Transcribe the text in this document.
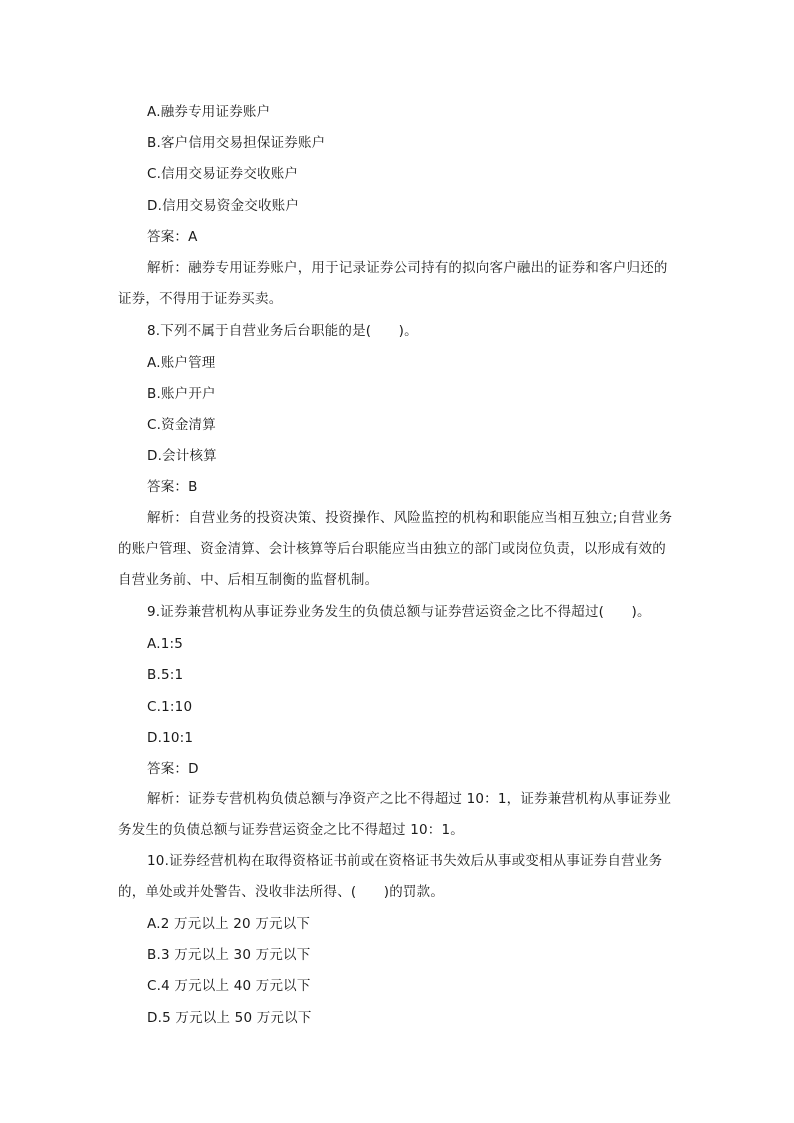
A.融券专用证券账户
B.客户信用交易担保证券账户
C.信用交易证券交收账户
D.信用交易资金交收账户
答案：A
解析：融券专用证券账户，用于记录证券公司持有的拟向客户融出的证券和客户归还的证券，不得用于证券买卖。
8.下列不属于自营业务后台职能的是(　　)。
A.账户管理
B.账户开户
C.资金清算
D.会计核算
答案：B
解析：自营业务的投资决策、投资操作、风险监控的机构和职能应当相互独立;自营业务的账户管理、资金清算、会计核算等后台职能应当由独立的部门或岗位负责，以形成有效的自营业务前、中、后相互制衡的监督机制。
9.证券兼营机构从事证券业务发生的负债总额与证券营运资金之比不得超过(　　)。
A.1:5
B.5:1
C.1:10
D.10:1
答案：D
解析：证券专营机构负债总额与净资产之比不得超过 10：1，证券兼营机构从事证券业务发生的负债总额与证券营运资金之比不得超过 10：1。
10.证券经营机构在取得资格证书前或在资格证书失效后从事或变相从事证券自营业务的，单处或并处警告、没收非法所得、(　　)的罚款。
A.2 万元以上 20 万元以下
B.3 万元以上 30 万元以下
C.4 万元以上 40 万元以下
D.5 万元以上 50 万元以下
